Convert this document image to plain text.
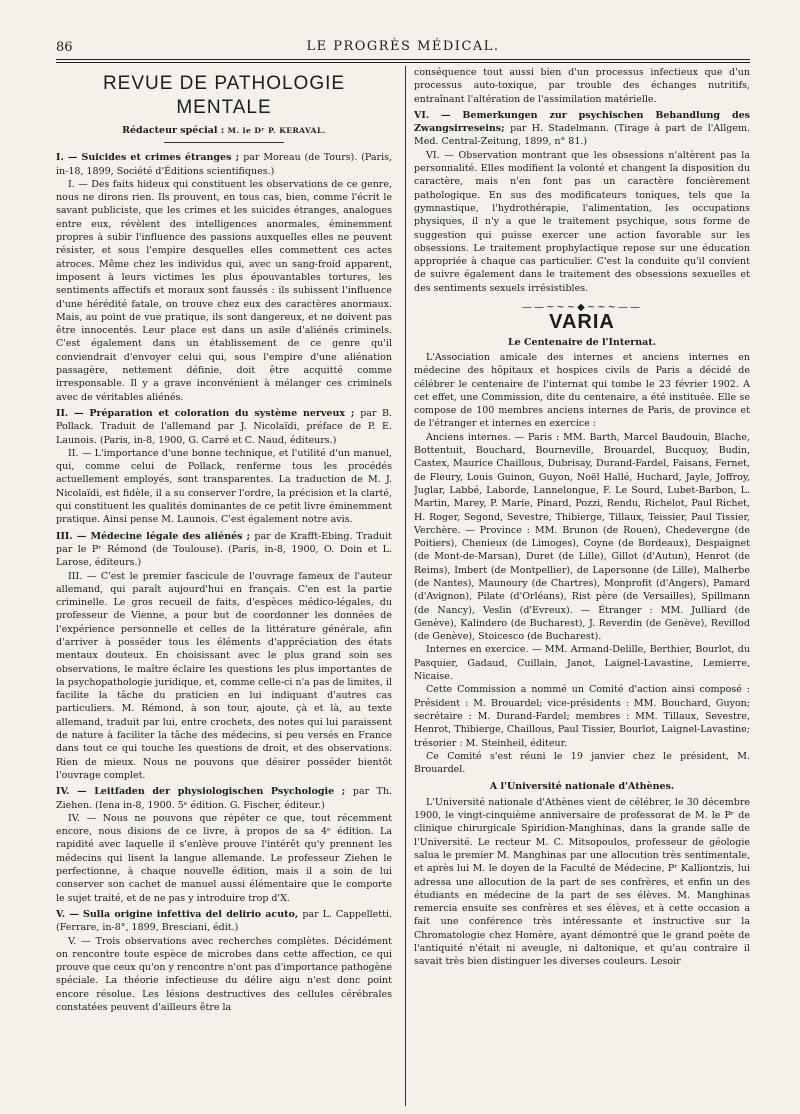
86	LE PROGRÈS MÉDICAL.
REVUE DE PATHOLOGIE MENTALE
Rédacteur spécial : M. le Dʳ P. KERAVAL.
I. — Suicides et crimes étranges ; par Moreau (de Tours). (Paris, in-18, 1899, Société d'Éditions scientifiques.)

I. — Des faits hideux qui constituent les observations de ce genre, nous ne dirons rien. Ils prouvent, en tous cas, bien, comme l'écrit le savant publiciste, que les crimes et les suicides étranges, analogues entre eux, révèlent des intelligences anormales, éminemment propres à subir l'influence des passions auxquelles elles ne peuvent résister, et sous l'empire desquelles elles commettent ces actes atroces. Même chez les individus qui, avec un sang-froid apparent, imposent à leurs victimes les plus épouvantables tortures, les sentiments affectifs et moraux sont faussés : ils subissent l'influence d'une hérédité fatale, on trouve chez eux des caractères anormaux. Mais, au point de vue pratique, ils sont dangereux, et ne doivent pas être innocentés. Leur place est dans un asile d'aliénés criminels. C'est également dans un établissement de ce genre qu'il conviendrait d'envoyer celui qui, sous l'empire d'une aliénation passagère, nettement définie, doit être acquitté comme irresponsable. Il y a grave inconvénient à mélanger ces criminels avec de véritables aliénés.

II. — Préparation et coloration du système nerveux ; par B. Pollack. Traduit de l'allemand par J. Nicolaïdi, préface de P. E. Launois. (Paris, in-8, 1900, G. Carré et C. Naud, éditeurs.)

II. — L'importance d'une bonne technique, et l'utilité d'un manuel, qui, comme celui de Pollack, renferme tous les procédés actuellement employés, sont transparentes. La traduction de M. J. Nicolaïdi, est fidèle, il a su conserver l'ordre, la précision et la clarté, qui constituent les qualités dominantes de ce petit livre éminemment pratique. Ainsi pense M. Launois. C'est également notre avis.

III. — Médecine légale des aliénés ; par de Krafft-Ebing. Traduit par le Pʳ Rémond (de Toulouse). (Paris, in-8, 1900, O. Doin et L. Larose, éditeurs.)

III. — C'est le premier fascicule de l'ouvrage fameux de l'auteur allemand, qui paraît aujourd'hui en français. C'en est la partie criminelle. Le gros recueil de faits, d'espèces médico-légales, du professeur de Vienne, a pour but de coordonner les données de l'expérience personnelle et celles de la littérature générale, afin d'arriver à posséder tous les éléments d'appréciation des états mentaux douteux. En choisissant avec le plus grand soin ses observations, le maître éclaire les questions les plus importantes de la psychopathologie juridique, et, comme celle-ci n'a pas de limites, il facilite la tâche du praticien en lui indiquant d'autres cas particuliers. M. Rémond, à son tour, ajoute, çà et là, au texte allemand, traduit par lui, entre crochets, des notes qui lui paraissent de nature à faciliter la tâche des médecins, si peu versés en France dans tout ce qui touche les questions de droit, et des observations. Rien de mieux. Nous ne pouvons que désirer posséder bientôt l'ouvrage complet.

IV. — Leitfaden der physiologischen Psychologie ; par Th. Ziehen. (Iena in-8, 1900. 5ᵉ édition. G. Fischer, éditeur.)

IV. — Nous ne pouvons que répéter ce que, tout récemment encore, nous disions de ce livre, à propos de sa 4ᵉ édition. La rapidité avec laquelle il s'enlève prouve l'intérêt qu'y prennent les médecins qui lisent la langue allemande. Le professeur Ziehen le perfectionne, à chaque nouvelle édition, mais il a soin de lui conserver son cachet de manuel aussi élémentaire que le comporte le sujet traité, et de ne pas y introduire trop d'X.

V. — Sulla origine infettiva del delirio acuto, par L. Cappelletti. (Ferrare, in-8°, 1899, Bresciani, édit.)

V. — Trois observations avec recherches complètes. Décidément on rencontre toute espèce de microbes dans cette affection, ce qui prouve que ceux qu'on y rencontre n'ont pas d'importance pathogène spéciale. La théorie infectieuse du délire aigu n'est donc point encore résolue. Les lésions destructives des cellules cérébrales constatées peuvent d'ailleurs être la

conséquence tout aussi bien d'un processus infectieux que d'un processus auto-toxique, par trouble des échanges nutritifs, entraînant l'altération de l'assimilation matérielle.

VI. — Bemerkungen zur psychischen Behandlung des Zwangsirreseins; par H. Stadelmann. (Tirage à part de l'Allgem. Med. Central-Zeitung, 1899, n° 81.)

VI. — Observation montrant que les obsessions n'altèrent pas la personnalité. Elles modifient la volonté et changent la disposition du caractère, mais n'en font pas un caractère foncièrement pathologique. En sus des modificateurs toniques, tels que la gymnastique, l'hydrothérapie, l'alimentation, les occupations physiques, il n'y a que le traitement psychique, sous forme de suggestion qui puisse exercer une action favorable sur les obsessions. Le traitement prophylactique repose sur une éducation appropriée à chaque cas particulier. C'est la conduite qu'il convient de suivre également dans le traitement des obsessions sexuelles et des sentiments sexuels irrésistibles.

——~~~◆~~~——
VARIA
Le Centenaire de l'Internat.

L'Association amicale des internes et anciens internes en médecine des hôpitaux et hospices civils de Paris a décidé de célébrer le centenaire de l'internat qui tombe le 23 février 1902. A cet effet, une Commission, dite du centenaire, a été instituée. Elle se compose de 100 membres anciens internes de Paris, de province et de l'étranger et internes en exercice :

Anciens internes. — Paris : MM. Barth, Marcel Baudouin, Blache, Bottentuit, Bouchard, Bourneville, Brouardel, Bucquoy, Budin, Castex, Maurice Chaillous, Dubrisay, Durand-Fardel, Faisans, Fernet, de Fleury, Louis Guinon, Guyon, Noël Hallé, Huchard, Jayle, Joffroy, Juglar, Labbé, Laborde, Lannelongue, F. Le Sourd, Lubet-Barbon, L. Martin, Marey, P. Marie, Pinard, Pozzi, Rendu, Richelot, Paul Richet, H. Roger, Segond, Sevestre, Thibierge, Tillaux, Teissier, Paul Tissier, Verchère. — Province : MM. Brunon (de Rouen), Chedevergne (de Poitiers), Chenieux (de Limoges), Coyne (de Bordeaux), Despaignet (de Mont-de-Marsan), Duret (de Lille), Gillot (d'Autun), Henrot (de Reims), Imbert (de Montpellier), de Lapersonne (de Lille), Malherbe (de Nantes), Maunoury (de Chartres), Monprofit (d'Angers), Pamard (d'Avignon), Pilate (d'Orléans), Rist père (de Versailles), Spillmann (de Nancy), Veslin (d'Evreux). — Étranger : MM. Julliard (de Genève), Kalindero (de Bucharest), J. Reverdin (de Genève), Revillod (de Genève), Stoicesco (de Bucharest).

Internes en exercice. — MM. Armand-Delille, Berthier, Bourlot, du Pasquier, Gadaud, Cuillain, Janot, Laignel-Lavastine, Lemierre, Nicaise.

Cette Commission a nommé un Comité d'action ainsi composé : Président : M. Brouardel; vice-présidents : MM. Bouchard, Guyon; secrétaire : M. Durand-Fardel; membres : MM. Tillaux, Sevestre, Henrot, Thibierge, Chaillous, Paul Tissier, Bourlot, Laignel-Lavastine; trésorier : M. Steinheil, éditeur.

Ce Comité s'est réuni le 19 janvier chez le président, M. Brouardel.

A l'Université nationale d'Athènes.

L'Université nationale d'Athènes vient de célébrer, le 30 décembre 1900, le vingt-cinquième anniversaire de professorat de M. le Pʳ de clinique chirurgicale Spiridion-Manghinas, dans la grande salle de l'Université. Le recteur M. C. Mitsopoulos, professeur de géologie salua le premier M. Manghinas par une allocution très sentimentale, et après lui M. le doyen de la Faculté de Médecine, Pʳ Kalliontzis, lui adressa une allocution de la part de ses confrères, et enfin un des étudiants en médecine de la part de ses élèves. M. Manghinas remercia ensuite ses confrères et ses élèves, et à cette occasion a fait une conférence très intéressante et instructive sur la Chromatologie chez Homère, ayant démontré que le grand poète de l'antiquité n'était ni aveugle, ni daltonique, et qu'au contraire il savait très bien distinguer les diverses couleurs. Lesoir
